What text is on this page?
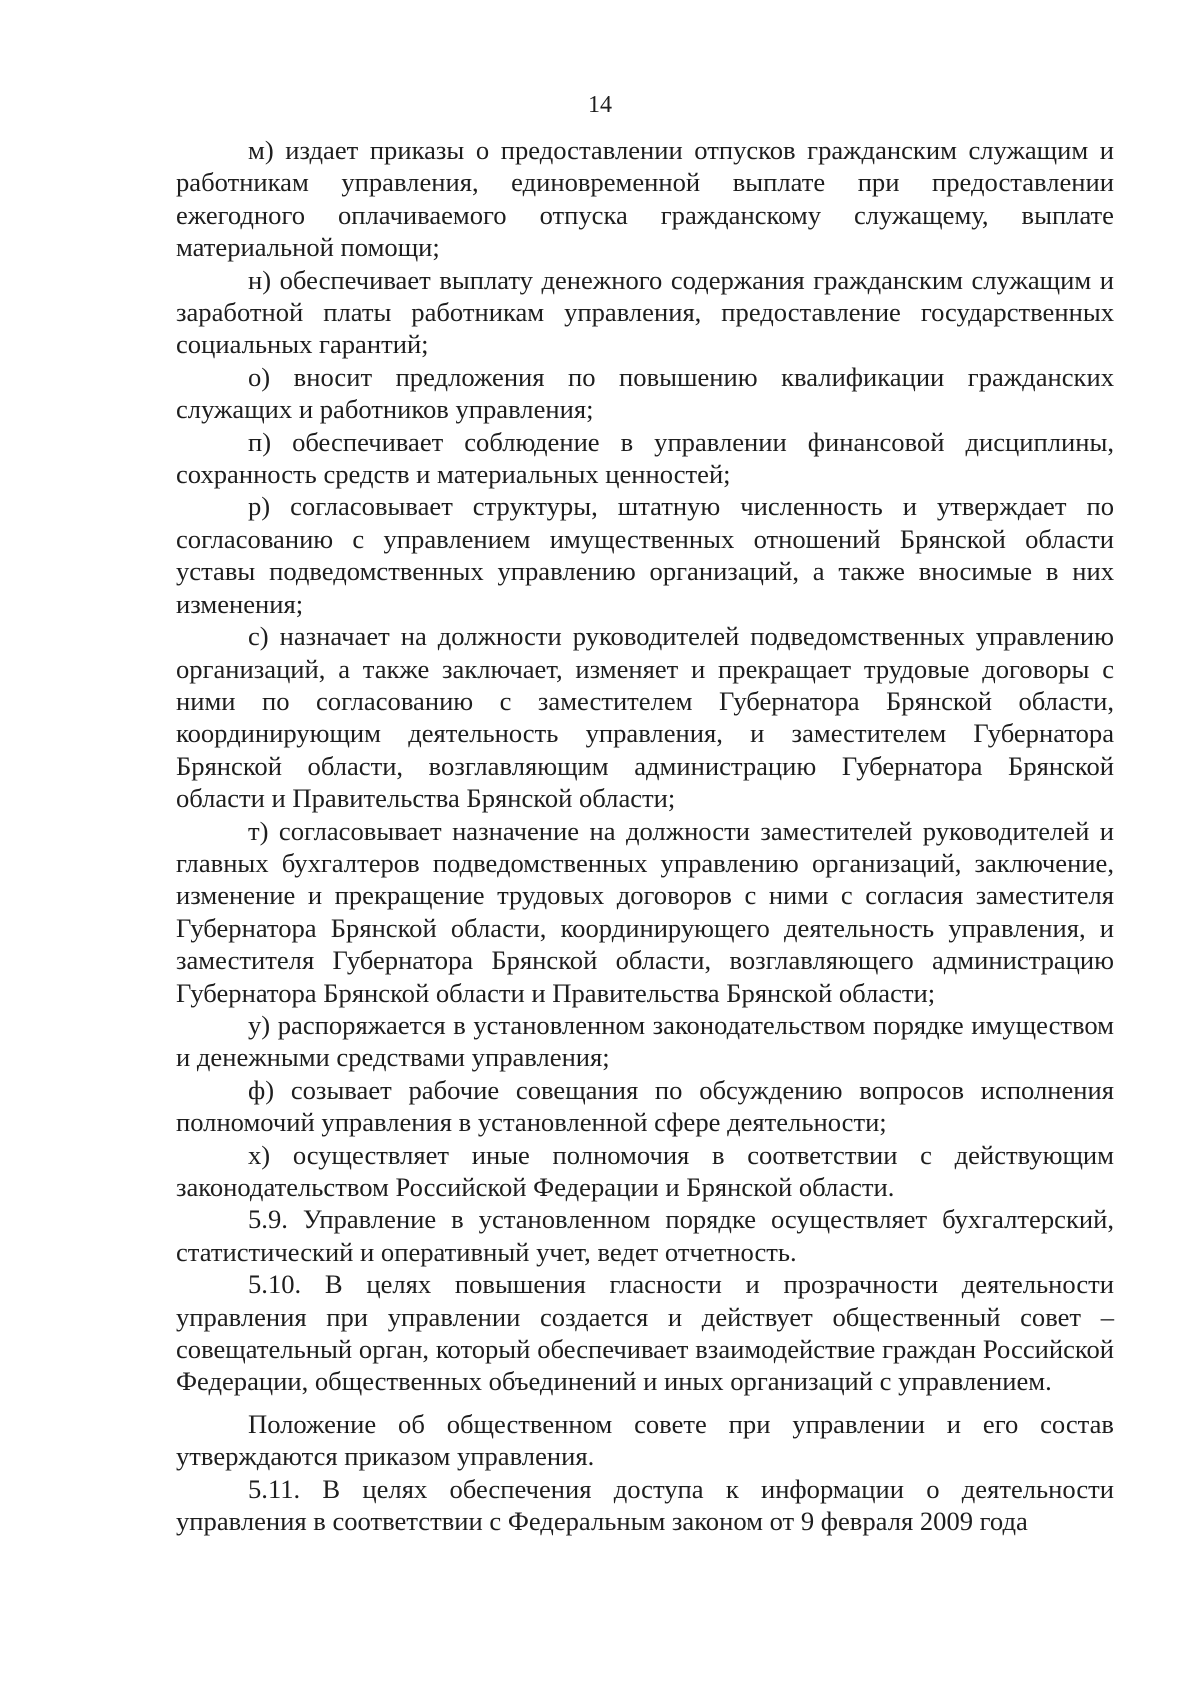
14

м) издает приказы о предоставлении отпусков гражданским служащим и работникам управления, единовременной выплате при предоставлении ежегодного оплачиваемого отпуска гражданскому служащему, выплате материальной помощи;

н) обеспечивает выплату денежного содержания гражданским служащим и заработной платы работникам управления, предоставление государственных социальных гарантий;

о) вносит предложения по повышению квалификации гражданских служащих и работников управления;

п) обеспечивает соблюдение в управлении финансовой дисциплины, сохранность средств и материальных ценностей;

р) согласовывает структуры, штатную численность и утверждает по согласованию с управлением имущественных отношений Брянской области уставы подведомственных управлению организаций, а также вносимые в них изменения;

с) назначает на должности руководителей подведомственных управлению организаций, а также заключает, изменяет и прекращает трудовые договоры с ними по согласованию с заместителем Губернатора Брянской области, координирующим деятельность управления, и заместителем Губернатора Брянской области, возглавляющим администрацию Губернатора Брянской области и Правительства Брянской области;

т) согласовывает назначение на должности заместителей руководителей и главных бухгалтеров подведомственных управлению организаций, заключение, изменение и прекращение трудовых договоров с ними с согласия заместителя Губернатора Брянской области, координирующего деятельность управления, и заместителя Губернатора Брянской области, возглавляющего администрацию Губернатора Брянской области и Правительства Брянской области;

у) распоряжается в установленном законодательством порядке имуществом и денежными средствами управления;

ф) созывает рабочие совещания по обсуждению вопросов исполнения полномочий управления в установленной сфере деятельности;

х) осуществляет иные полномочия в соответствии с действующим законодательством Российской Федерации и Брянской области.

5.9. Управление в установленном порядке осуществляет бухгалтерский, статистический и оперативный учет, ведет отчетность.

5.10. В целях повышения гласности и прозрачности деятельности управления при управлении создается и действует общественный совет – совещательный орган, который обеспечивает взаимодействие граждан Российской Федерации, общественных объединений и иных организаций с управлением.

Положение об общественном совете при управлении и его состав утверждаются приказом управления.

5.11. В целях обеспечения доступа к информации о деятельности управления в соответствии с Федеральным законом от 9 февраля 2009 года
